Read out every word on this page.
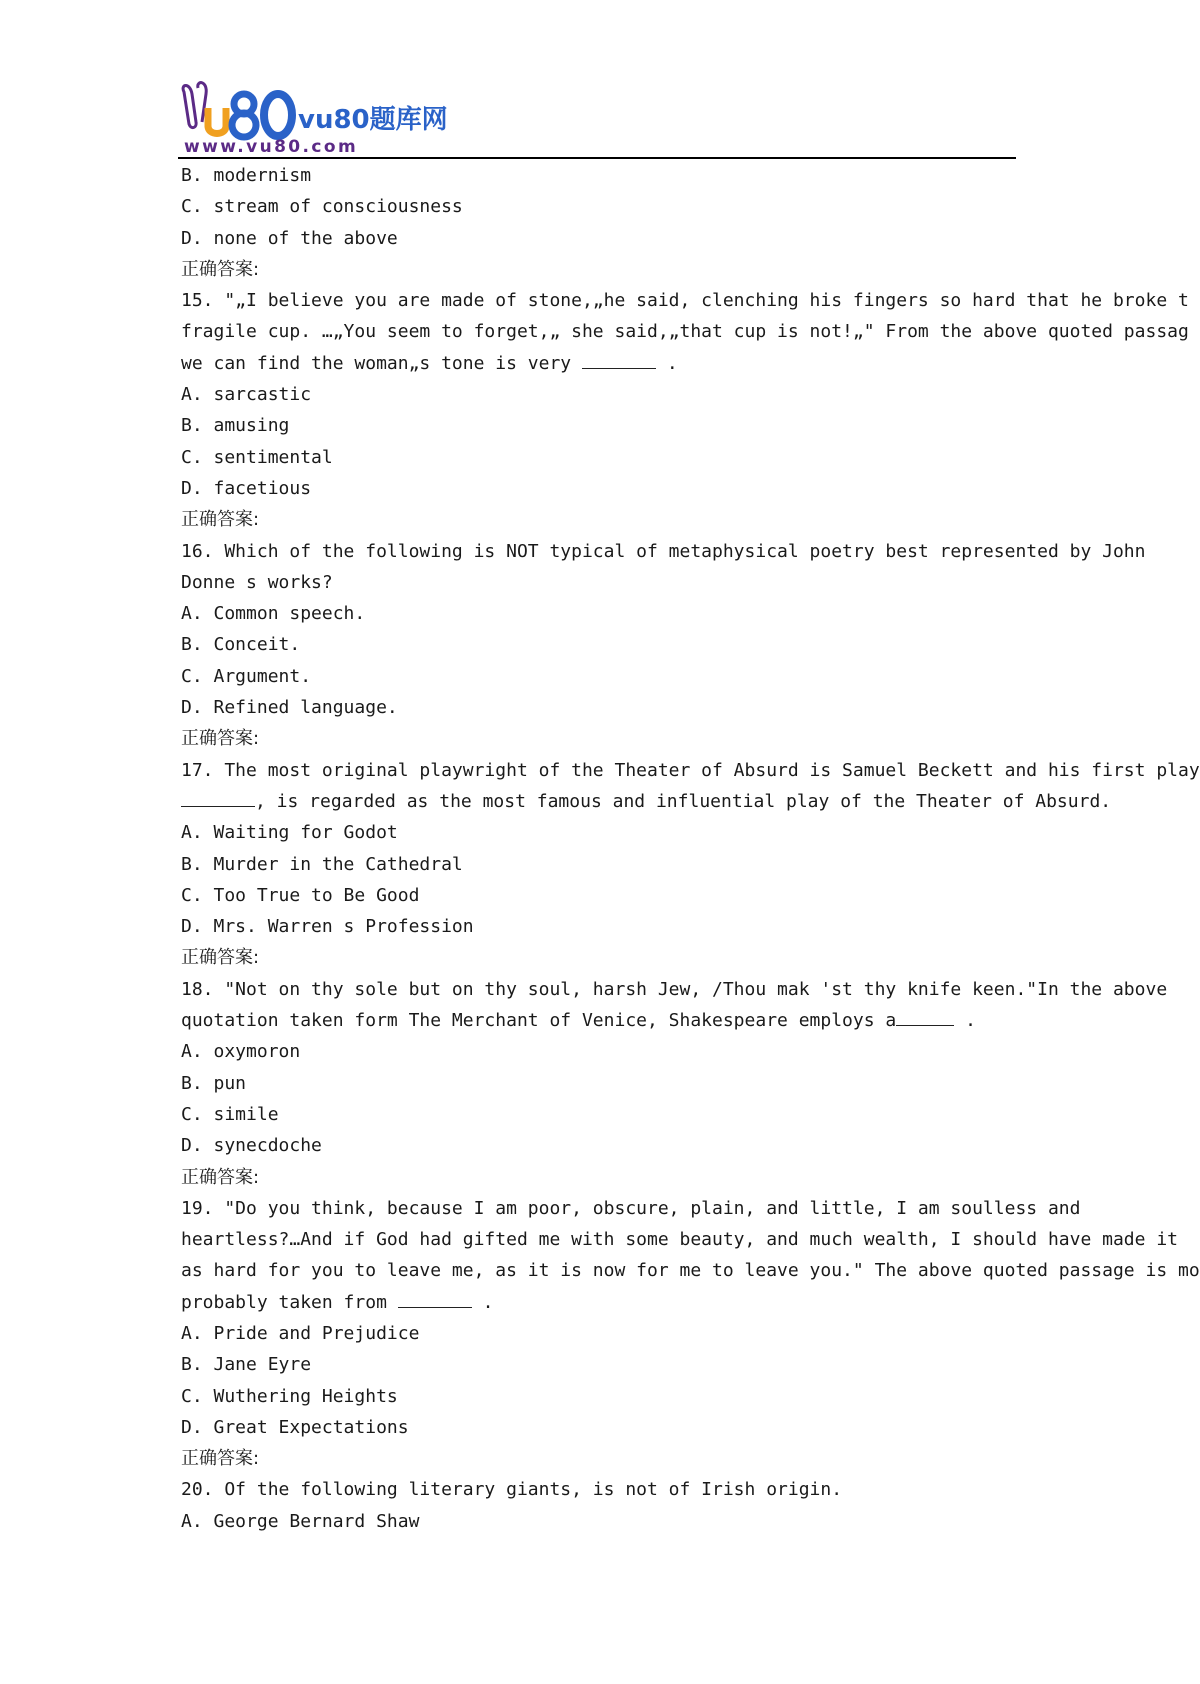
vu80题库网
www.vu80.com
B. modernism
C. stream of consciousness
D. none of the above
正确答案:
15. "„I believe you are made of stone,„he said, clenching his fingers so hard that he broke t
fragile cup. …„You seem to forget,„ she said,„that cup is not!„" From the above quoted passag
we can find the woman„s tone is very	.
A. sarcastic
B. amusing
C. sentimental
D. facetious
正确答案:
16. Which of the following is NOT typical of metaphysical poetry best represented by John
Donne s works?
A. Common speech.
B. Conceit.
C. Argument.
D. Refined language.
正确答案:
17. The most original playwright of the Theater of Absurd is Samuel Beckett and his first play
, is regarded as the most famous and influential play of the Theater of Absurd.
A. Waiting for Godot
B. Murder in the Cathedral
C. Too True to Be Good
D. Mrs. Warren s Profession
正确答案:
18. "Not on thy sole but on thy soul, harsh Jew, /Thou mak 'st thy knife keen."In the above
quotation taken form The Merchant of Venice, Shakespeare employs a	.
A. oxymoron
B. pun
C. simile
D. synecdoche
正确答案:
19. "Do you think, because I am poor, obscure, plain, and little, I am soulless and
heartless?…And if God had gifted me with some beauty, and much wealth, I should have made it
as hard for you to leave me, as it is now for me to leave you." The above quoted passage is mo
probably taken from	.
A. Pride and Prejudice
B. Jane Eyre
C. Wuthering Heights
D. Great Expectations
正确答案:
20. Of the following literary giants, is not of Irish origin.
A. George Bernard Shaw
